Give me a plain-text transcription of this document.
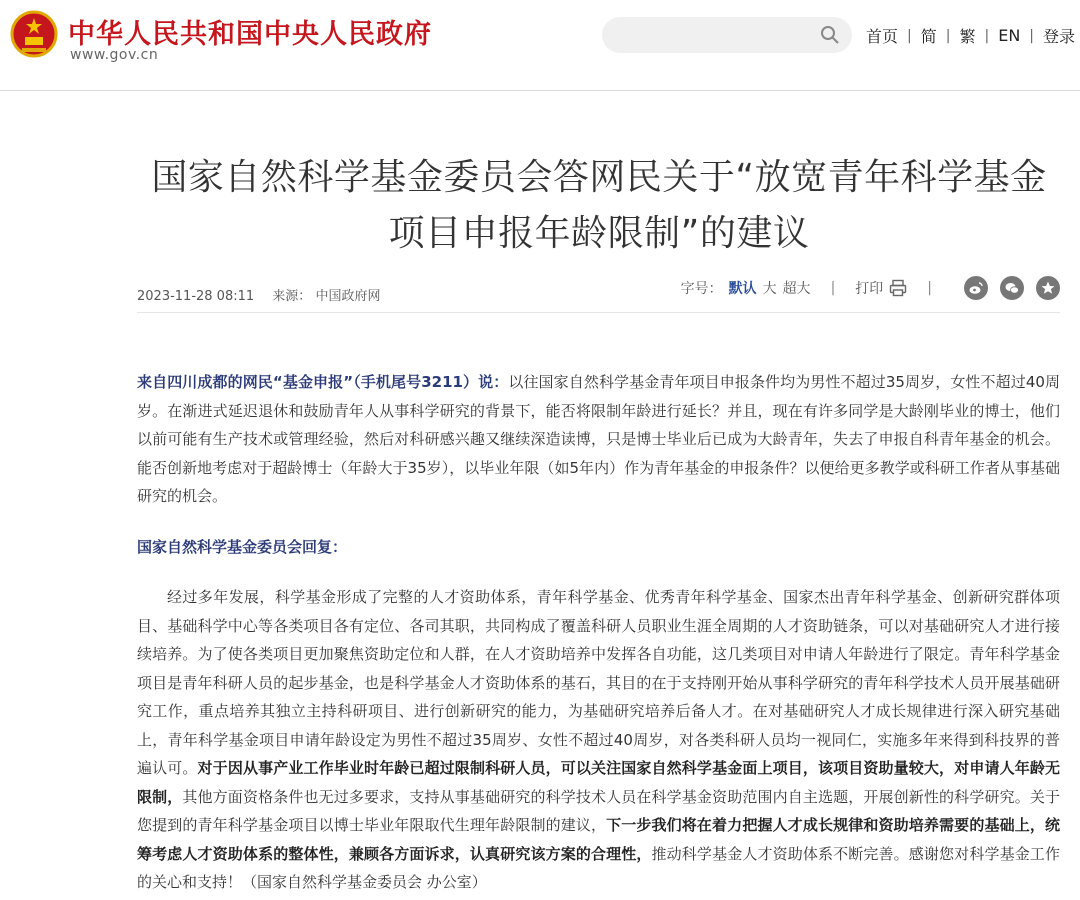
中华人民共和国中央人民政府
www.gov.cn
首页 | 简 | 繁 | EN | 登录
国家自然科学基金委员会答网民关于“放宽青年科学基金
项目申报年龄限制”的建议
2023-11-28 08:11 来源： 中国政府网	字号： 默认 大 超大 | 打印	|

来自四川成都的网民“基金申报”（手机尾号3211）说：以往国家自然科学基金青年项目申报条件均为男性不超过35周岁，女性不超过40周岁。在渐进式延迟退休和鼓励青年人从事科学研究的背景下，能否将限制年龄进行延长？并且，现在有许多同学是大龄刚毕业的博士，他们以前可能有生产技术或管理经验，然后对科研感兴趣又继续深造读博，只是博士毕业后已成为大龄青年，失去了申报自科青年基金的机会。能否创新地考虑对于超龄博士（年龄大于35岁），以毕业年限（如5年内）作为青年基金的申报条件？以便给更多教学或科研工作者从事基础研究的机会。

国家自然科学基金委员会回复：

经过多年发展，科学基金形成了完整的人才资助体系，青年科学基金、优秀青年科学基金、国家杰出青年科学基金、创新研究群体项目、基础科学中心等各类项目各有定位、各司其职，共同构成了覆盖科研人员职业生涯全周期的人才资助链条，可以对基础研究人才进行接续培养。为了使各类项目更加聚焦资助定位和人群，在人才资助培养中发挥各自功能，这几类项目对申请人年龄进行了限定。青年科学基金项目是青年科研人员的起步基金，也是科学基金人才资助体系的基石，其目的在于支持刚开始从事科学研究的青年科学技术人员开展基础研究工作，重点培养其独立主持科研项目、进行创新研究的能力，为基础研究培养后备人才。在对基础研究人才成长规律进行深入研究基础上，青年科学基金项目申请年龄设定为男性不超过35周岁、女性不超过40周岁，对各类科研人员均一视同仁，实施多年来得到科技界的普遍认可。对于因从事产业工作毕业时年龄已超过限制科研人员，可以关注国家自然科学基金面上项目，该项目资助量较大，对申请人年龄无限制，其他方面资格条件也无过多要求，支持从事基础研究的科学技术人员在科学基金资助范围内自主选题，开展创新性的科学研究。关于您提到的青年科学基金项目以博士毕业年限取代生理年龄限制的建议，下一步我们将在着力把握人才成长规律和资助培养需要的基础上，统筹考虑人才资助体系的整体性，兼顾各方面诉求，认真研究该方案的合理性，推动科学基金人才资助体系不断完善。感谢您对科学基金工作的关心和支持！（国家自然科学基金委员会 办公室）
